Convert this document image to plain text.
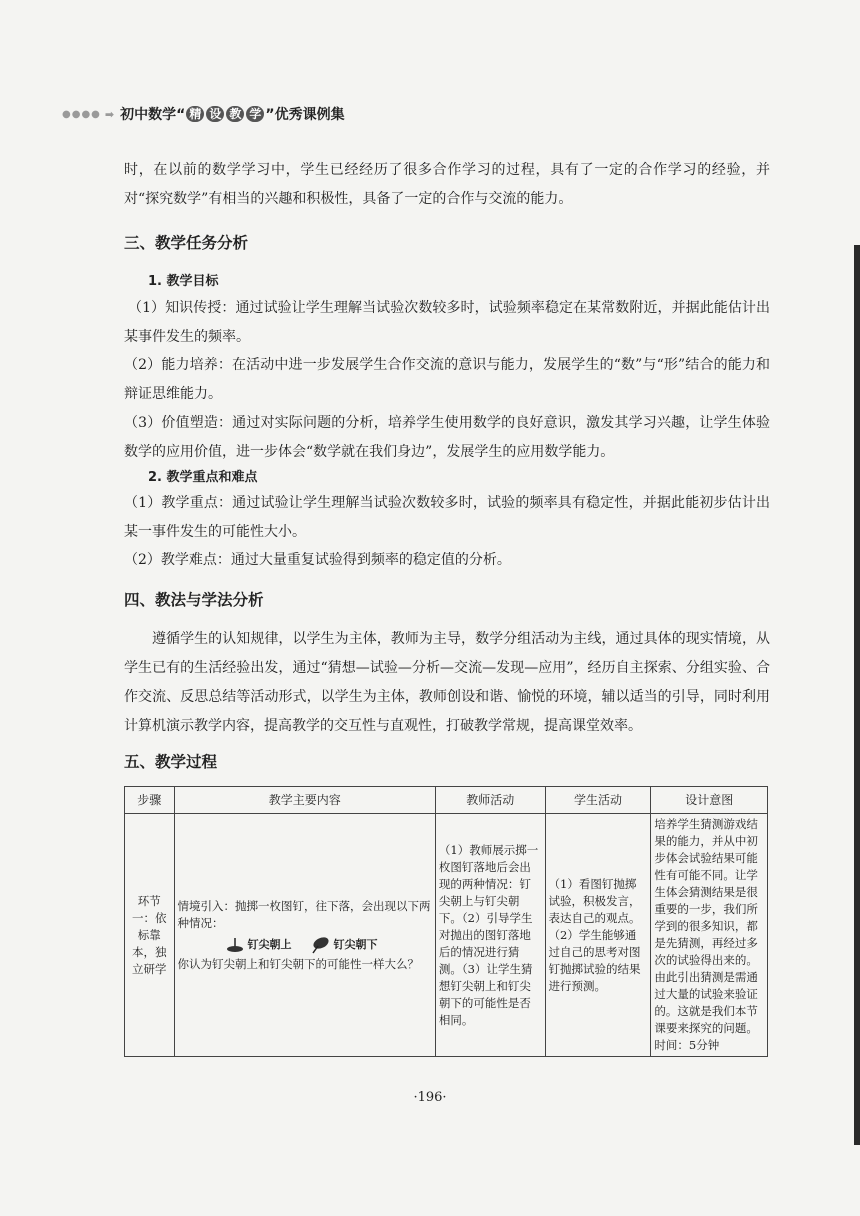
●●●● ➡ 初中数学“ 精 设 教 学 ”优秀课例集
时，在以前的数学学习中，学生已经经历了很多合作学习的过程，具有了一定的合作学习的经验，并对“探究数学”有相当的兴趣和积极性，具备了一定的合作与交流的能力。
三、教学任务分析
1. 教学目标
（1）知识传授：通过试验让学生理解当试验次数较多时，试验频率稳定在某常数附近，并据此能估计出某事件发生的频率。
（2）能力培养：在活动中进一步发展学生合作交流的意识与能力，发展学生的“数”与“形”结合的能力和辩证思维能力。
（3）价值塑造：通过对实际问题的分析，培养学生使用数学的良好意识，激发其学习兴趣，让学生体验数学的应用价值，进一步体会“数学就在我们身边”，发展学生的应用数学能力。
2. 教学重点和难点
（1）教学重点：通过试验让学生理解当试验次数较多时，试验的频率具有稳定性，并据此能初步估计出某一事件发生的可能性大小。
（2）教学难点：通过大量重复试验得到频率的稳定值的分析。
四、教法与学法分析
遵循学生的认知规律，以学生为主体，教师为主导，数学分组活动为主线，通过具体的现实情境，从学生已有的生活经验出发，通过“猜想—试验—分析—交流—发现—应用”，经历自主探索、分组实验、合作交流、反思总结等活动形式，以学生为主体，教师创设和谐、愉悦的环境，辅以适当的引导，同时利用计算机演示教学内容，提高教学的交互性与直观性，打破教学常规，提高课堂效率。
五、教学过程
步骤	教学主要内容	教师活动	学生活动	设计意图
环节一：依标靠本，独立研学	情境引入：抛掷一枚图钉，往下落，会出现以下两种情况：
钉尖朝上 钉尖朝下
你认为钉尖朝上和钉尖朝下的可能性一样大么？	（1）教师展示掷一枚图钉落地后会出现的两种情况：钉尖朝上与钉尖朝下。（2）引导学生对抛出的图钉落地后的情况进行猜测。（3）让学生猜想钉尖朝上和钉尖朝下的可能性是否相同。	（1）看图钉抛掷试验，积极发言，表达自己的观点。（2）学生能够通过自己的思考对图钉抛掷试验的结果进行预测。	培养学生猜测游戏结果的能力，并从中初步体会试验结果可能性有可能不同。让学生体会猜测结果是很重要的一步，我们所学到的很多知识，都是先猜测，再经过多次的试验得出来的。由此引出猜测是需通过大量的试验来验证的。这就是我们本节课要来探究的问题。时间：5分钟
·196·
